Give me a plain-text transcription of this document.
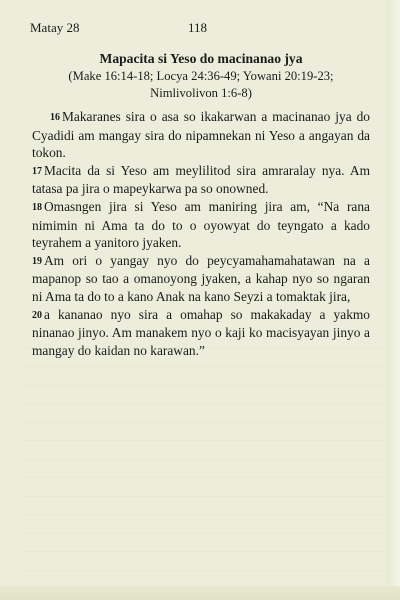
Matay 28	118
Mapacita si Yeso do macinanao jya
(Make 16:14-18; Locya 24:36-49; Yowani 20:19-23;
Nimlivolivon 1:6-8)

16 Makaranes sira o asa so ikakarwan a macinanao jya do Cyadidi am mangay sira do nipamnekan ni Yeso a angayan da tokon.

17 Macita da si Yeso am meylilitod sira amraralay nya. Am tatasa pa jira o mapeykarwa pa so onowned.

18 Omasngen jira si Yeso am maniring jira am, “Na rana nimimin ni Ama ta do to o oyowyat do teyngato a kado teyrahem a yanitoro jyaken.

19 Am ori o yangay nyo do peycyamahamahatawan na a mapanop so tao a omanoyong jyaken, a kahap nyo so ngaran ni Ama ta do to a kano Anak na kano Seyzi a tomaktak jira,

20 a kananao nyo sira a omahap so makakaday a yakmo ninanao jinyo. Am manakem nyo o kaji ko macisyayan jinyo a mangay do kaidan no karawan.”
